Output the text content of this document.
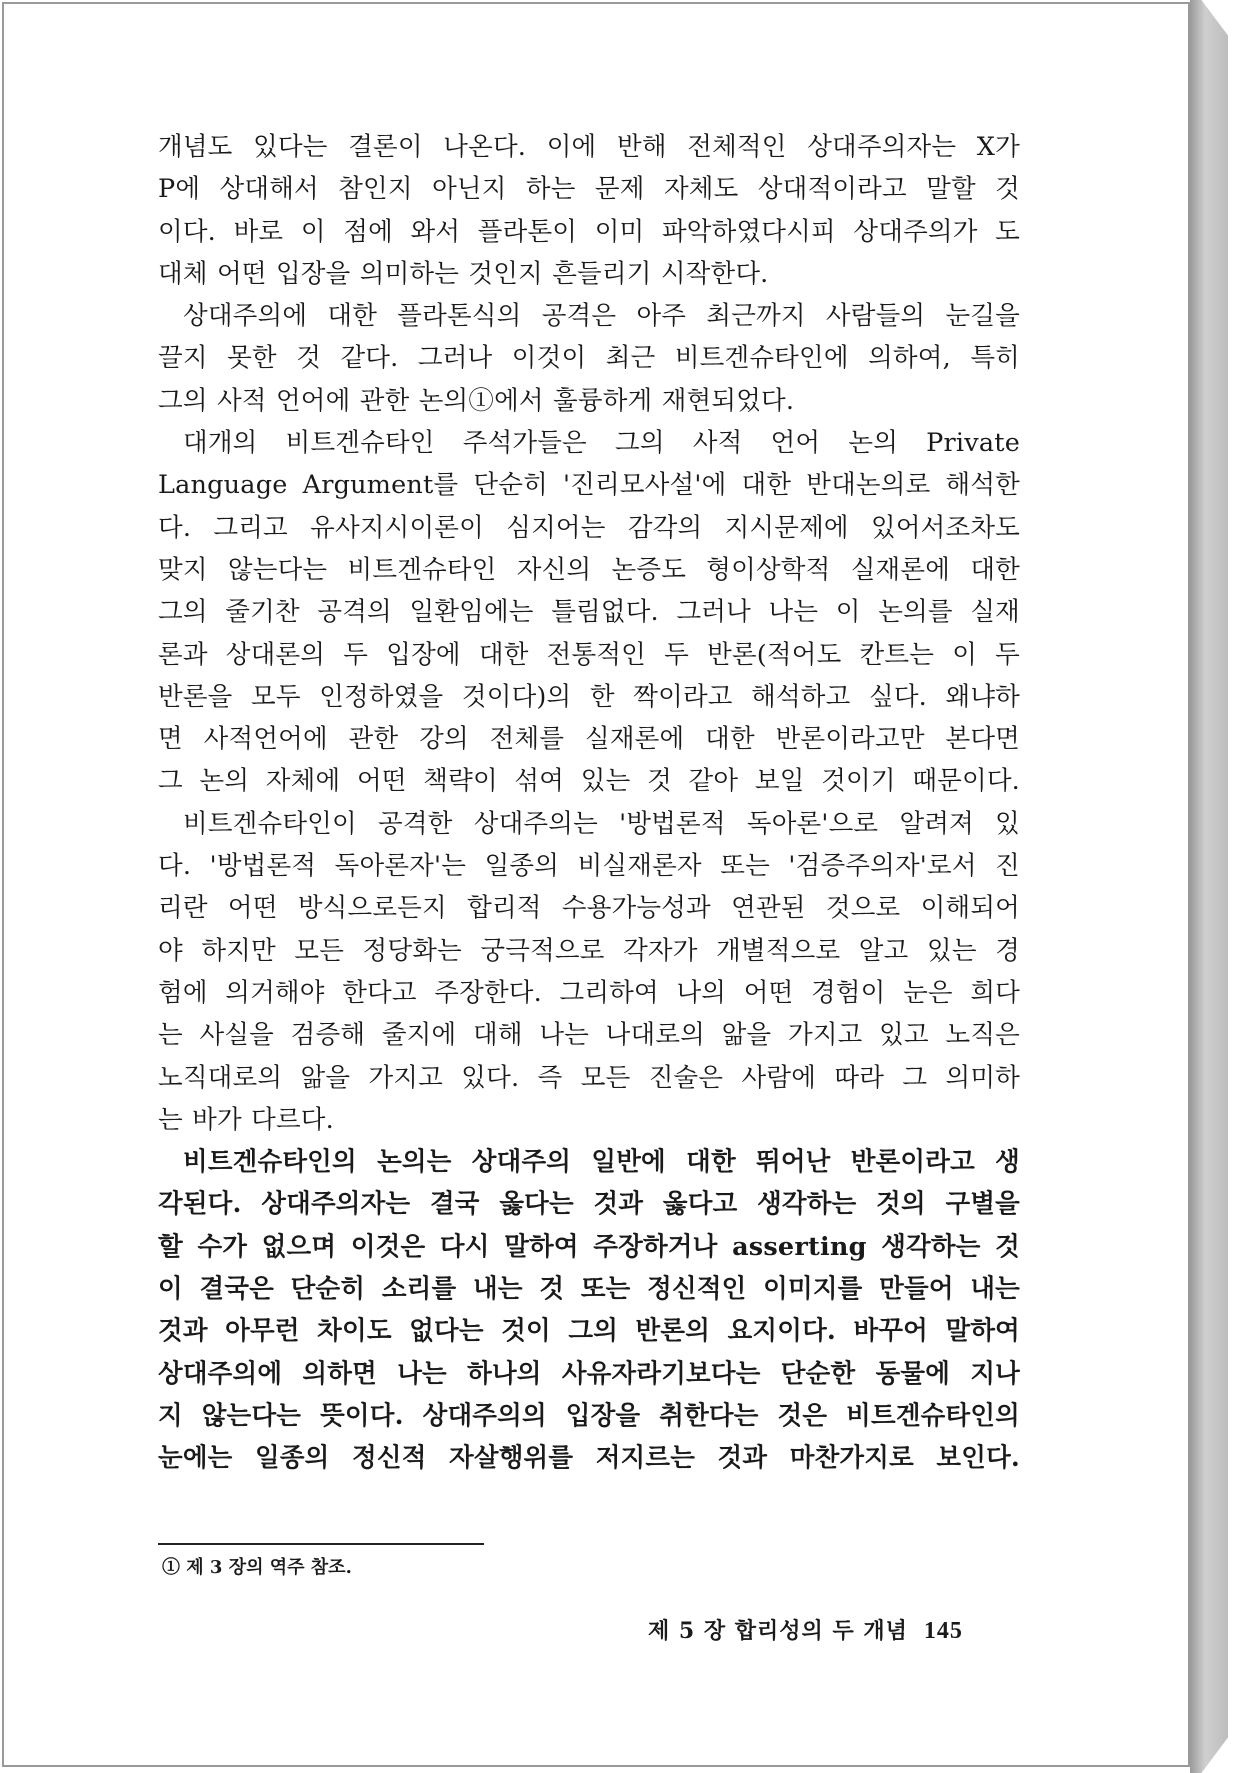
개념도 있다는 결론이 나온다. 이에 반해 전체적인 상대주의자는 X가
P에 상대해서 참인지 아닌지 하는 문제 자체도 상대적이라고 말할 것
이다. 바로 이 점에 와서 플라톤이 이미 파악하였다시피 상대주의가 도
대체 어떤 입장을 의미하는 것인지 흔들리기 시작한다.
상대주의에 대한 플라톤식의 공격은 아주 최근까지 사람들의 눈길을
끌지 못한 것 같다. 그러나 이것이 최근 비트겐슈타인에 의하여, 특히
그의 사적 언어에 관한 논의①에서 훌륭하게 재현되었다.
대개의 비트겐슈타인 주석가들은 그의 사적 언어 논의 Private
Language Argument를 단순히 '진리모사설'에 대한 반대논의로 해석한
다. 그리고 유사지시이론이 심지어는 감각의 지시문제에 있어서조차도
맞지 않는다는 비트겐슈타인 자신의 논증도 형이상학적 실재론에 대한
그의 줄기찬 공격의 일환임에는 틀림없다. 그러나 나는 이 논의를 실재
론과 상대론의 두 입장에 대한 전통적인 두 반론(적어도 칸트는 이 두
반론을 모두 인정하였을 것이다)의 한 짝이라고 해석하고 싶다. 왜냐하
면 사적언어에 관한 강의 전체를 실재론에 대한 반론이라고만 본다면
그 논의 자체에 어떤 책략이 섞여 있는 것 같아 보일 것이기 때문이다.
비트겐슈타인이 공격한 상대주의는 '방법론적 독아론'으로 알려져 있
다. '방법론적 독아론자'는 일종의 비실재론자 또는 '검증주의자'로서 진
리란 어떤 방식으로든지 합리적 수용가능성과 연관된 것으로 이해되어
야 하지만 모든 정당화는 궁극적으로 각자가 개별적으로 알고 있는 경
험에 의거해야 한다고 주장한다. 그리하여 나의 어떤 경험이 눈은 희다
는 사실을 검증해 줄지에 대해 나는 나대로의 앎을 가지고 있고 노직은
노직대로의 앎을 가지고 있다. 즉 모든 진술은 사람에 따라 그 의미하
는 바가 다르다.
비트겐슈타인의 논의는 상대주의 일반에 대한 뛰어난 반론이라고 생
각된다. 상대주의자는 결국 옳다는 것과 옳다고 생각하는 것의 구별을
할 수가 없으며 이것은 다시 말하여 주장하거나 asserting 생각하는 것
이 결국은 단순히 소리를 내는 것 또는 정신적인 이미지를 만들어 내는
것과 아무런 차이도 없다는 것이 그의 반론의 요지이다. 바꾸어 말하여
상대주의에 의하면 나는 하나의 사유자라기보다는 단순한 동물에 지나
지 않는다는 뜻이다. 상대주의의 입장을 취한다는 것은 비트겐슈타인의
눈에는 일종의 정신적 자살행위를 저지르는 것과 마찬가지로 보인다.
① 제 3 장의 역주 참조.
제 5 장 합리성의 두 개념 145
